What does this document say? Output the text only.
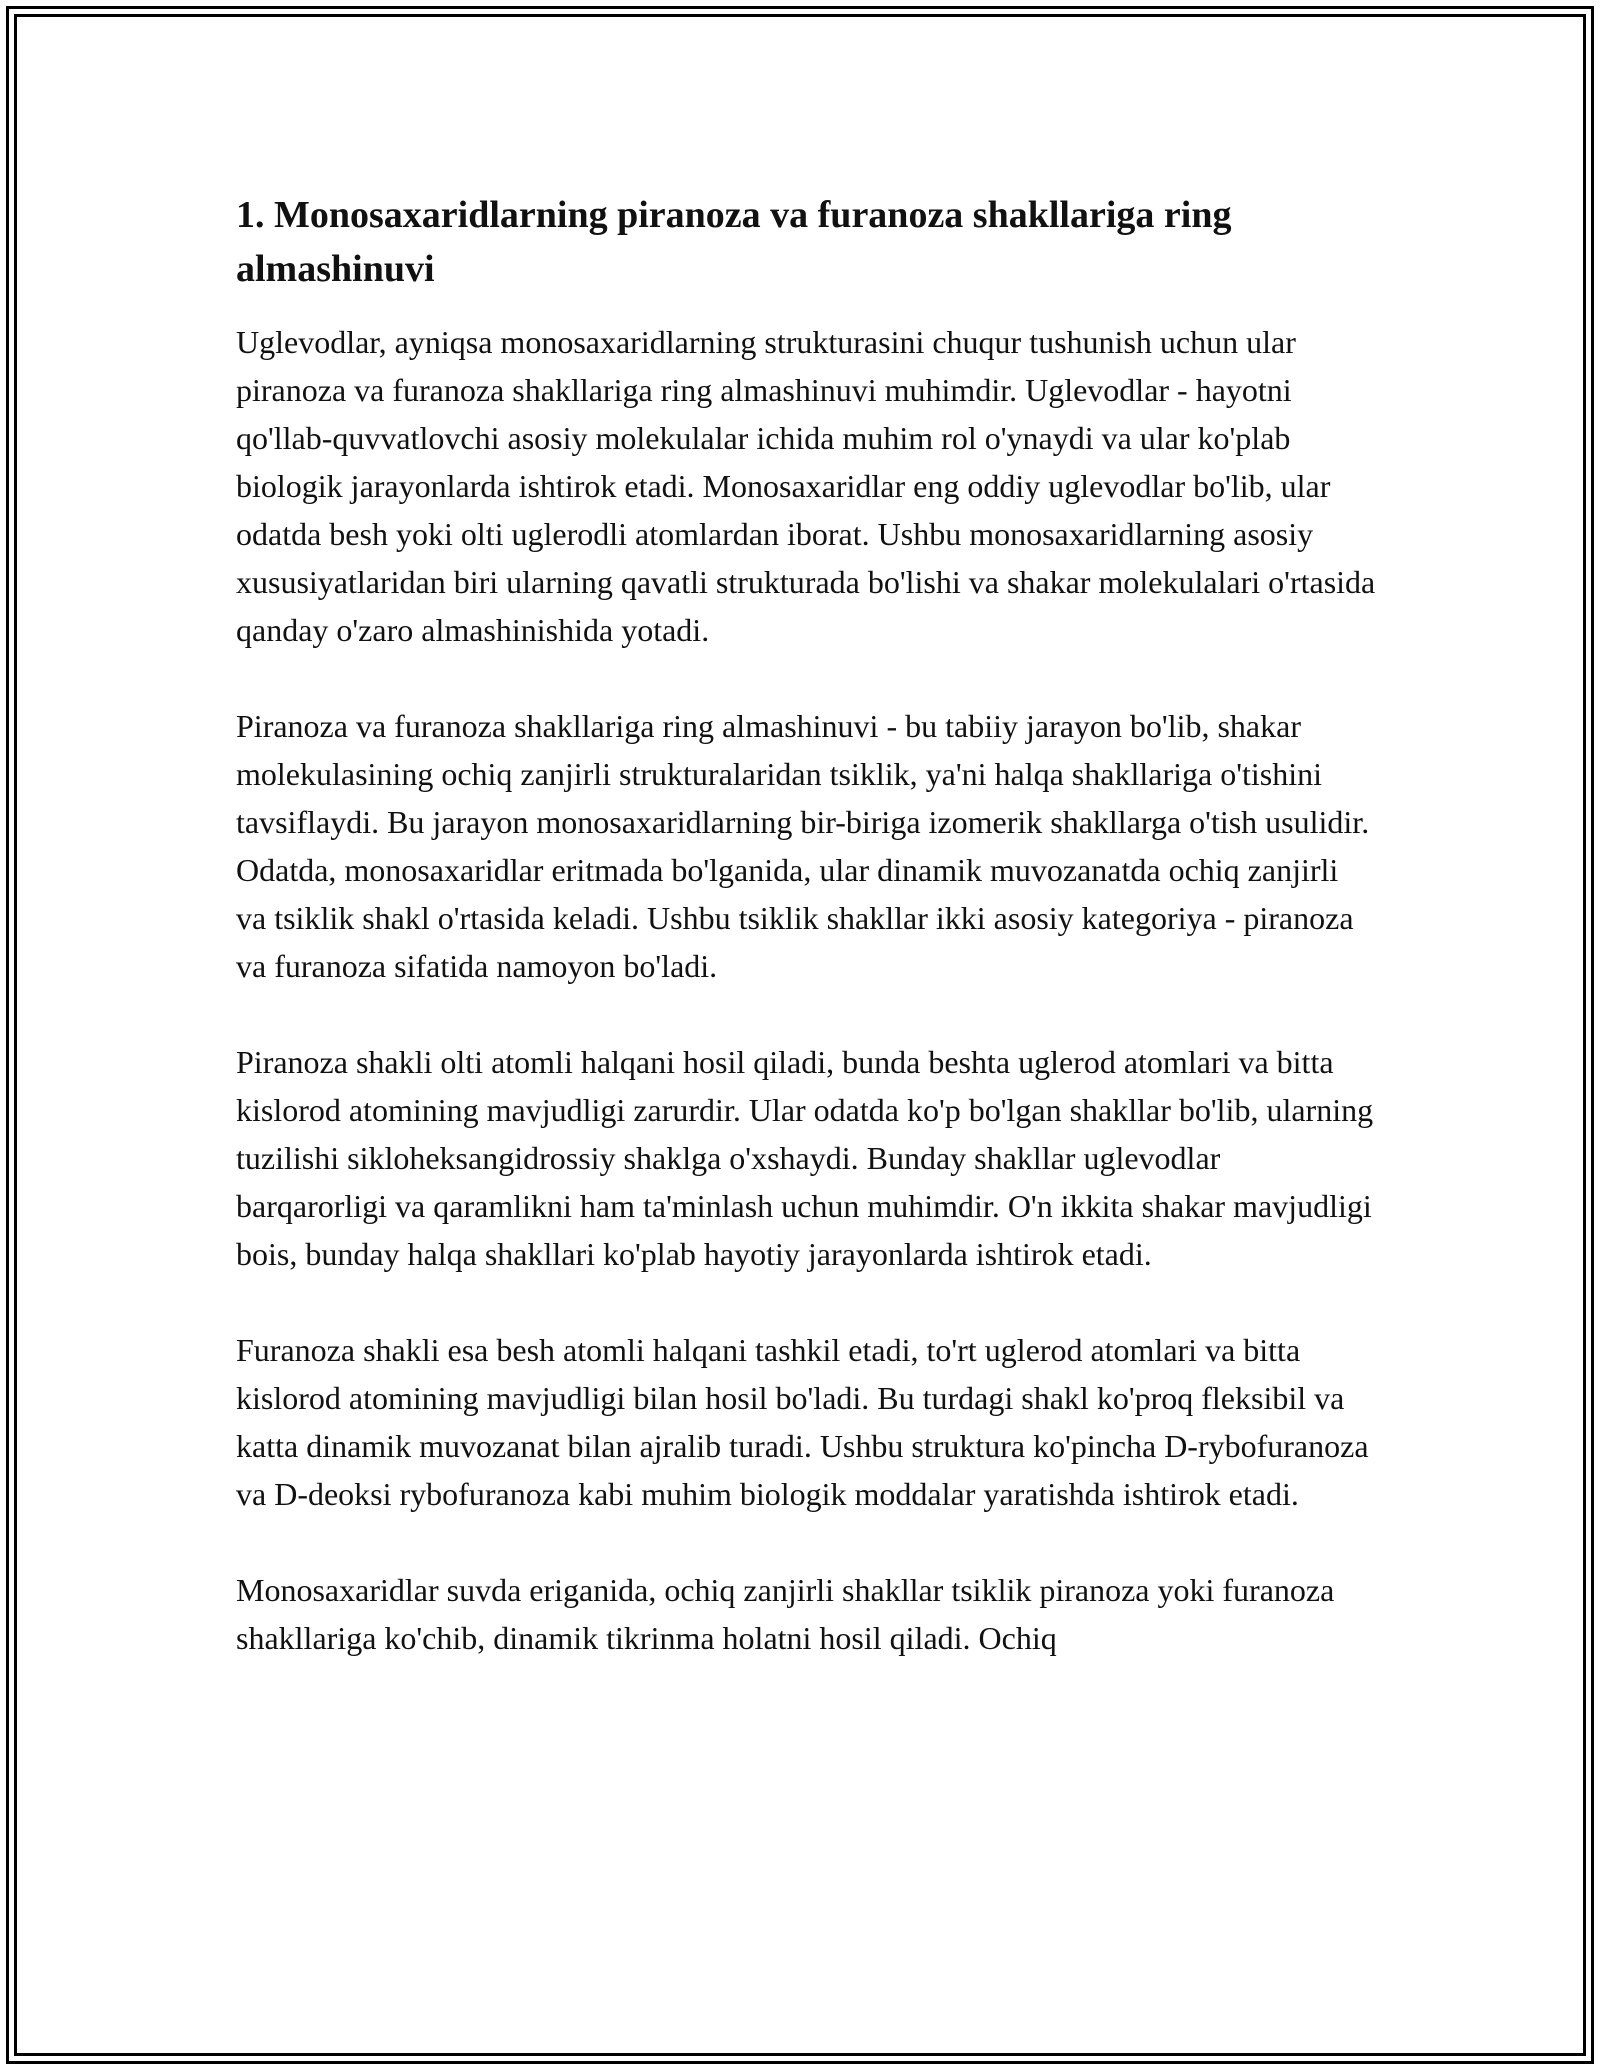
1. Monosaxaridlarning piranoza va furanoza shakllariga ring almashinuvi

Uglevodlar, ayniqsa monosaxaridlarning strukturasini chuqur tushunish uchun ular piranoza va furanoza shakllariga ring almashinuvi muhimdir. Uglevodlar - hayotni qo'llab-quvvatlovchi asosiy molekulalar ichida muhim rol o'ynaydi va ular ko'plab biologik jarayonlarda ishtirok etadi. Monosaxaridlar eng oddiy uglevodlar bo'lib, ular odatda besh yoki olti uglerodli atomlardan iborat. Ushbu monosaxaridlarning asosiy xususiyatlaridan biri ularning qavatli strukturada bo'lishi va shakar molekulalari o'rtasida qanday o'zaro almashinishida yotadi.

Piranoza va furanoza shakllariga ring almashinuvi - bu tabiiy jarayon bo'lib, shakar molekulasining ochiq zanjirli strukturalaridan tsiklik, ya'ni halqa shakllariga o'tishini tavsiflaydi. Bu jarayon monosaxaridlarning bir-biriga izomerik shakllarga o'tish usulidir. Odatda, monosaxaridlar eritmada bo'lganida, ular dinamik muvozanatda ochiq zanjirli va tsiklik shakl o'rtasida keladi. Ushbu tsiklik shakllar ikki asosiy kategoriya - piranoza va furanoza sifatida namoyon bo'ladi.

Piranoza shakli olti atomli halqani hosil qiladi, bunda beshta uglerod atomlari va bitta kislorod atomining mavjudligi zarurdir. Ular odatda ko'p bo'lgan shakllar bo'lib, ularning tuzilishi sikloheksangidrossiy shaklga o'xshaydi. Bunday shakllar uglevodlar barqarorligi va qaramlikni ham ta'minlash uchun muhimdir. O'n ikkita shakar mavjudligi bois, bunday halqa shakllari ko'plab hayotiy jarayonlarda ishtirok etadi.

Furanoza shakli esa besh atomli halqani tashkil etadi, to'rt uglerod atomlari va bitta kislorod atomining mavjudligi bilan hosil bo'ladi. Bu turdagi shakl ko'proq fleksibil va katta dinamik muvozanat bilan ajralib turadi. Ushbu struktura ko'pincha D-rybofuranoza va D-deoksi rybofuranoza kabi muhim biologik moddalar yaratishda ishtirok etadi.

Monosaxaridlar suvda eriganida, ochiq zanjirli shakllar tsiklik piranoza yoki furanoza shakllariga ko'chib, dinamik tikrinma holatni hosil qiladi. Ochiq
